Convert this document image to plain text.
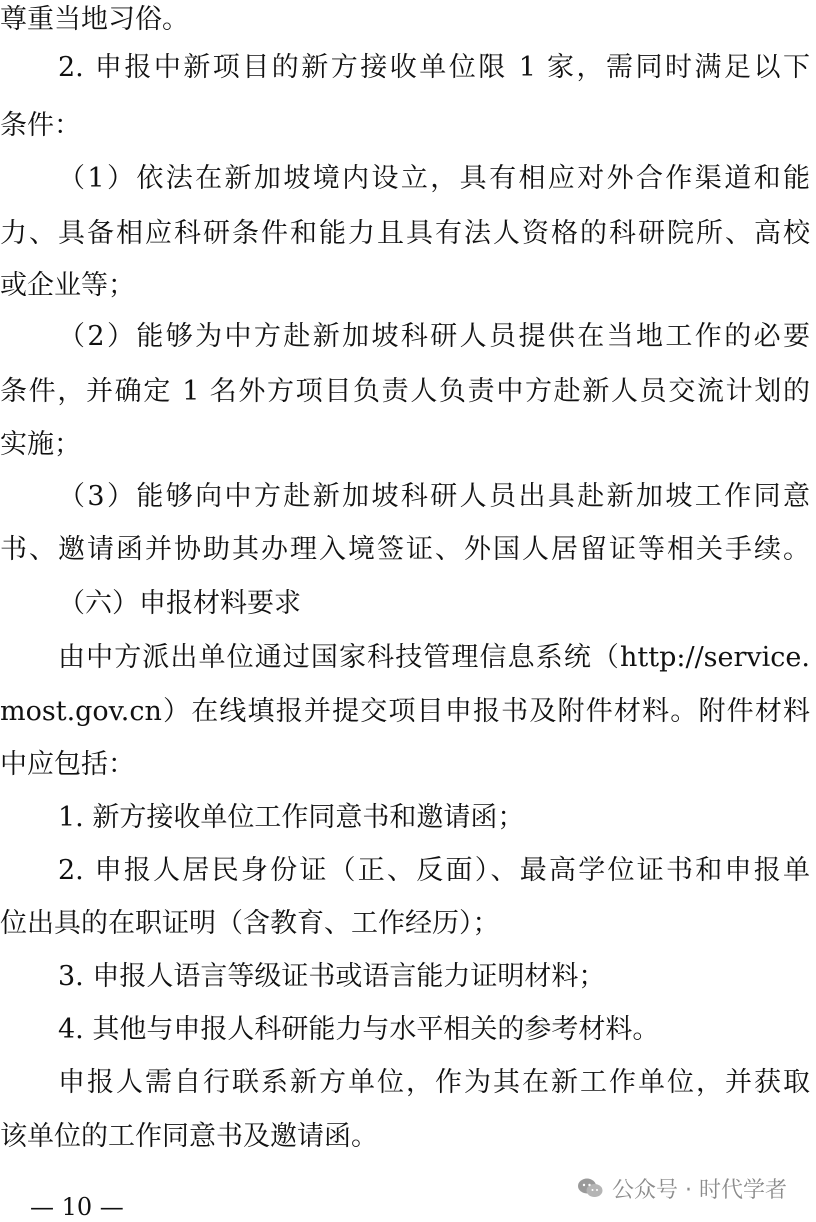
尊重当地习俗。
2. 申报中新项目的新方接收单位限 1 家，需同时满足以下
条件：
（1）依法在新加坡境内设立，具有相应对外合作渠道和能
力、具备相应科研条件和能力且具有法人资格的科研院所、高校
或企业等；
（2）能够为中方赴新加坡科研人员提供在当地工作的必要
条件，并确定 1 名外方项目负责人负责中方赴新人员交流计划的
实施；
（3）能够向中方赴新加坡科研人员出具赴新加坡工作同意
书、邀请函并协助其办理入境签证、外国人居留证等相关手续。
（六）申报材料要求
由中方派出单位通过国家科技管理信息系统（http://service.
most.gov.cn）在线填报并提交项目申报书及附件材料。附件材料
中应包括：
1. 新方接收单位工作同意书和邀请函；
2. 申报人居民身份证（正、反面）、最高学位证书和申报单
位出具的在职证明（含教育、工作经历）；
3. 申报人语言等级证书或语言能力证明材料；
4. 其他与申报人科研能力与水平相关的参考材料。
申报人需自行联系新方单位，作为其在新工作单位，并获取
该单位的工作同意书及邀请函。
公众号 · 时代学者
— 10 —
